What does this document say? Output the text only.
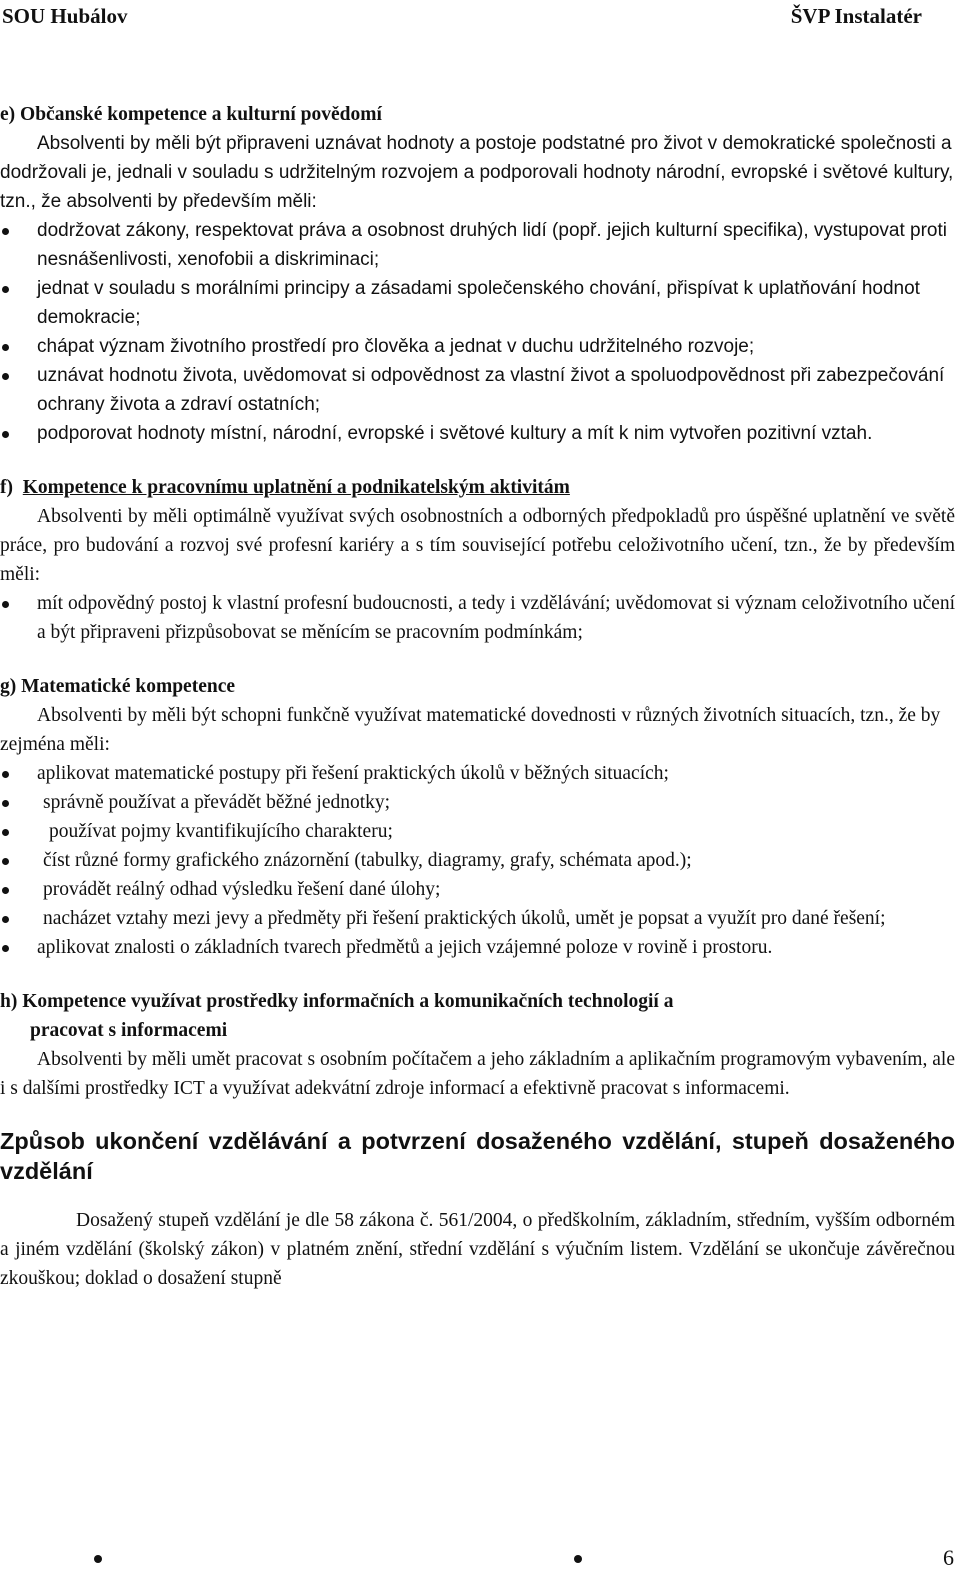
SOU Hubálov	ŠVP Instalatér

e) Občanské kompetence a kulturní povědomí

Absolventi by měli být připraveni uznávat hodnoty a postoje podstatné pro život v demokratické společnosti a dodržovali je, jednali v souladu s udržitelným rozvojem a podporovali hodnoty národní, evropské i světové kultury, tzn., že absolventi by především měli:

dodržovat zákony, respektovat práva a osobnost druhých lidí (popř. jejich kulturní specifika), vystupovat proti nesnášenlivosti, xenofobii a diskriminaci;
jednat v souladu s morálními principy a zásadami společenského chování, přispívat k uplatňování hodnot demokracie;
chápat význam životního prostředí pro člověka a jednat v duchu udržitelného rozvoje;
uznávat hodnotu života, uvědomovat si odpovědnost za vlastní život a spoluodpovědnost při zabezpečování ochrany života a zdraví ostatních;
podporovat hodnoty místní, národní, evropské i světové kultury a mít k nim vytvořen pozitivní vztah.

f)  Kompetence k pracovnímu uplatnění a podnikatelským aktivitám

Absolventi by měli optimálně využívat svých osobnostních a odborných předpokladů pro úspěšné uplatnění ve světě práce, pro budování a rozvoj své profesní kariéry a s tím související potřebu celoživotního učení, tzn., že by především měli:

mít odpovědný postoj k vlastní profesní budoucnosti, a tedy i vzdělávání; uvědomovat si význam celoživotního učení a být připraveni přizpůsobovat se měnícím se pracovním podmínkám;

g) Matematické kompetence

Absolventi by měli být schopni funkčně využívat matematické dovednosti v různých životních situacích, tzn., že by zejména měli:

aplikovat matematické postupy při řešení praktických úkolů v běžných situacích;
správně používat a převádět běžné jednotky;
používat pojmy kvantifikujícího charakteru;
číst různé formy grafického znázornění (tabulky, diagramy, grafy, schémata apod.);
provádět reálný odhad výsledku řešení dané úlohy;
nacházet vztahy mezi jevy a předměty při řešení praktických úkolů, umět je popsat a využít pro dané řešení;
aplikovat znalosti o základních tvarech předmětů a jejich vzájemné poloze v rovině i prostoru.

h) Kompetence využívat prostředky informačních a komunikačních technologií a

pracovat s informacemi

Absolventi by měli umět pracovat s osobním počítačem a jeho základním a aplikačním programovým vybavením, ale i s dalšími prostředky ICT a využívat adekvátní zdroje informací a efektivně pracovat s informacemi.

Způsob ukončení vzdělávání a potvrzení dosaženého vzdělání, stupeň dosaženého vzdělání

Dosažený stupeň vzdělání je dle 58 zákona č. 561/2004, o předškolním, základním, středním, vyšším odborném a jiném vzdělání (školský zákon) v platném znění, střední vzdělání s výučním listem. Vzdělání se ukončuje závěrečnou zkouškou; doklad o dosažení stupně

6
